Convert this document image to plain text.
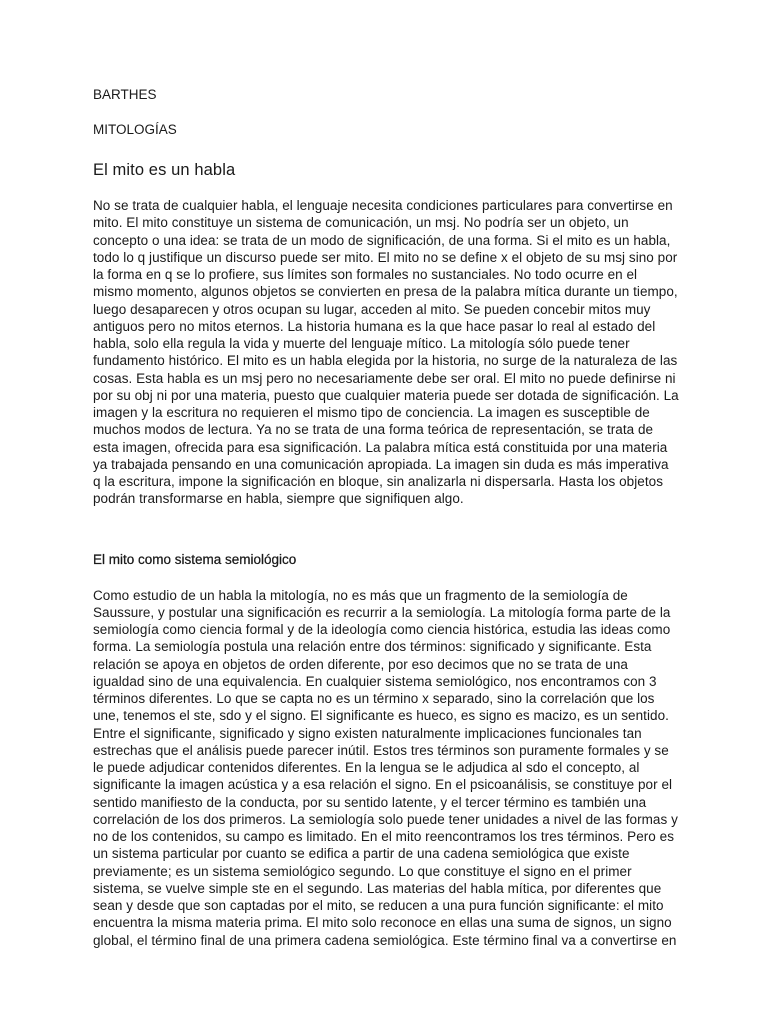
BARTHES

MITOLOGÍAS

El mito es un habla

No se trata de cualquier habla, el lenguaje necesita condiciones particulares para convertirse en mito. El mito constituye un sistema de comunicación, un msj. No podría ser un objeto, un concepto o una idea: se trata de un modo de significación, de una forma. Si el mito es un habla, todo lo q justifique un discurso puede ser mito. El mito no se define x el objeto de su msj sino por la forma en q se lo profiere, sus límites son formales no sustanciales. No todo ocurre en el mismo momento, algunos objetos se convierten en presa de la palabra mítica durante un tiempo, luego desaparecen y otros ocupan su lugar, acceden al mito. Se pueden concebir mitos muy antiguos pero no mitos eternos. La historia humana es la que hace pasar lo real al estado del habla, solo ella regula la vida y muerte del lenguaje mítico. La mitología sólo puede tener fundamento histórico. El mito es un habla elegida por la historia, no surge de la naturaleza de las cosas. Esta habla es un msj pero no necesariamente debe ser oral. El mito no puede definirse ni por su obj ni por una materia, puesto que cualquier materia puede ser dotada de significación. La imagen y la escritura no requieren el mismo tipo de conciencia. La imagen es susceptible de muchos modos de lectura. Ya no se trata de una forma teórica de representación, se trata de esta imagen, ofrecida para esa significación. La palabra mítica está constituida por una materia ya trabajada pensando en una comunicación apropiada. La imagen sin duda es más imperativa q la escritura, impone la significación en bloque, sin analizarla ni dispersarla. Hasta los objetos podrán transformarse en habla, siempre que signifiquen algo.

El mito como sistema semiológico

Como estudio de un habla la mitología, no es más que un fragmento de la semiología de Saussure, y postular una significación es recurrir a la semiología. La mitología forma parte de la semiología como ciencia formal y de la ideología como ciencia histórica, estudia las ideas como forma. La semiología postula una relación entre dos términos: significado y significante. Esta relación se apoya en objetos de orden diferente, por eso decimos que no se trata de una igualdad sino de una equivalencia. En cualquier sistema semiológico, nos encontramos con 3 términos diferentes. Lo que se capta no es un término x separado, sino la correlación que los une, tenemos el ste, sdo y el signo. El significante es hueco, es signo es macizo, es un sentido. Entre el significante, significado y signo existen naturalmente implicaciones funcionales tan estrechas que el análisis puede parecer inútil. Estos tres términos son puramente formales y se le puede adjudicar contenidos diferentes. En la lengua se le adjudica al sdo el concepto, al significante la imagen acústica y a esa relación el signo. En el psicoanálisis, se constituye por el sentido manifiesto de la conducta, por su sentido latente, y el tercer término es también una correlación de los dos primeros. La semiología solo puede tener unidades a nivel de las formas y no de los contenidos, su campo es limitado. En el mito reencontramos los tres términos. Pero es un sistema particular por cuanto se edifica a partir de una cadena semiológica que existe previamente; es un sistema semiológico segundo. Lo que constituye el signo en el primer sistema, se vuelve simple ste en el segundo. Las materias del habla mítica, por diferentes que sean y desde que son captadas por el mito, se reducen a una pura función significante: el mito encuentra la misma materia prima. El mito solo reconoce en ellas una suma de signos, un signo global, el término final de una primera cadena semiológica. Este término final va a convertirse en
